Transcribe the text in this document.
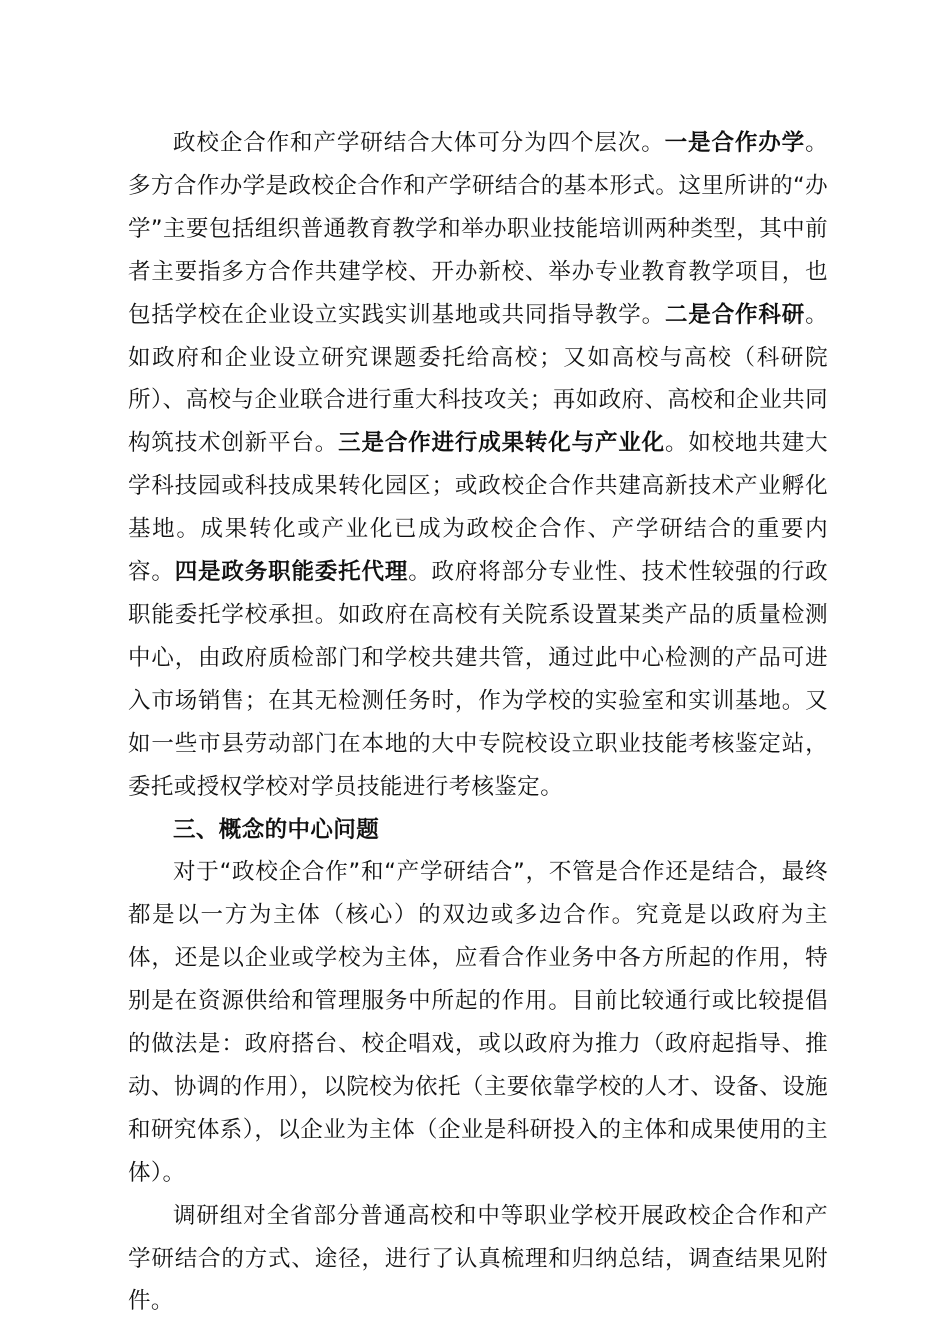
政校企合作和产学研结合大体可分为四个层次。一是合作办学。多方合作办学是政校企合作和产学研结合的基本形式。这里所讲的“办学”主要包括组织普通教育教学和举办职业技能培训两种类型，其中前者主要指多方合作共建学校、开办新校、举办专业教育教学项目，也包括学校在企业设立实践实训基地或共同指导教学。二是合作科研。如政府和企业设立研究课题委托给高校；又如高校与高校（科研院所）、高校与企业联合进行重大科技攻关；再如政府、高校和企业共同构筑技术创新平台。三是合作进行成果转化与产业化。如校地共建大学科技园或科技成果转化园区；或政校企合作共建高新技术产业孵化基地。成果转化或产业化已成为政校企合作、产学研结合的重要内容。四是政务职能委托代理。政府将部分专业性、技术性较强的行政职能委托学校承担。如政府在高校有关院系设置某类产品的质量检测中心，由政府质检部门和学校共建共管，通过此中心检测的产品可进入市场销售；在其无检测任务时，作为学校的实验室和实训基地。又如一些市县劳动部门在本地的大中专院校设立职业技能考核鉴定站，委托或授权学校对学员技能进行考核鉴定。

三、概念的中心问题

对于“政校企合作”和“产学研结合”，不管是合作还是结合，最终都是以一方为主体（核心）的双边或多边合作。究竟是以政府为主体，还是以企业或学校为主体，应看合作业务中各方所起的作用，特别是在资源供给和管理服务中所起的作用。目前比较通行或比较提倡的做法是：政府搭台、校企唱戏，或以政府为推力（政府起指导、推动、协调的作用），以院校为依托（主要依靠学校的人才、设备、设施和研究体系），以企业为主体（企业是科研投入的主体和成果使用的主体）。

调研组对全省部分普通高校和中等职业学校开展政校企合作和产学研结合的方式、途径，进行了认真梳理和归纳总结，调查结果见附件。
